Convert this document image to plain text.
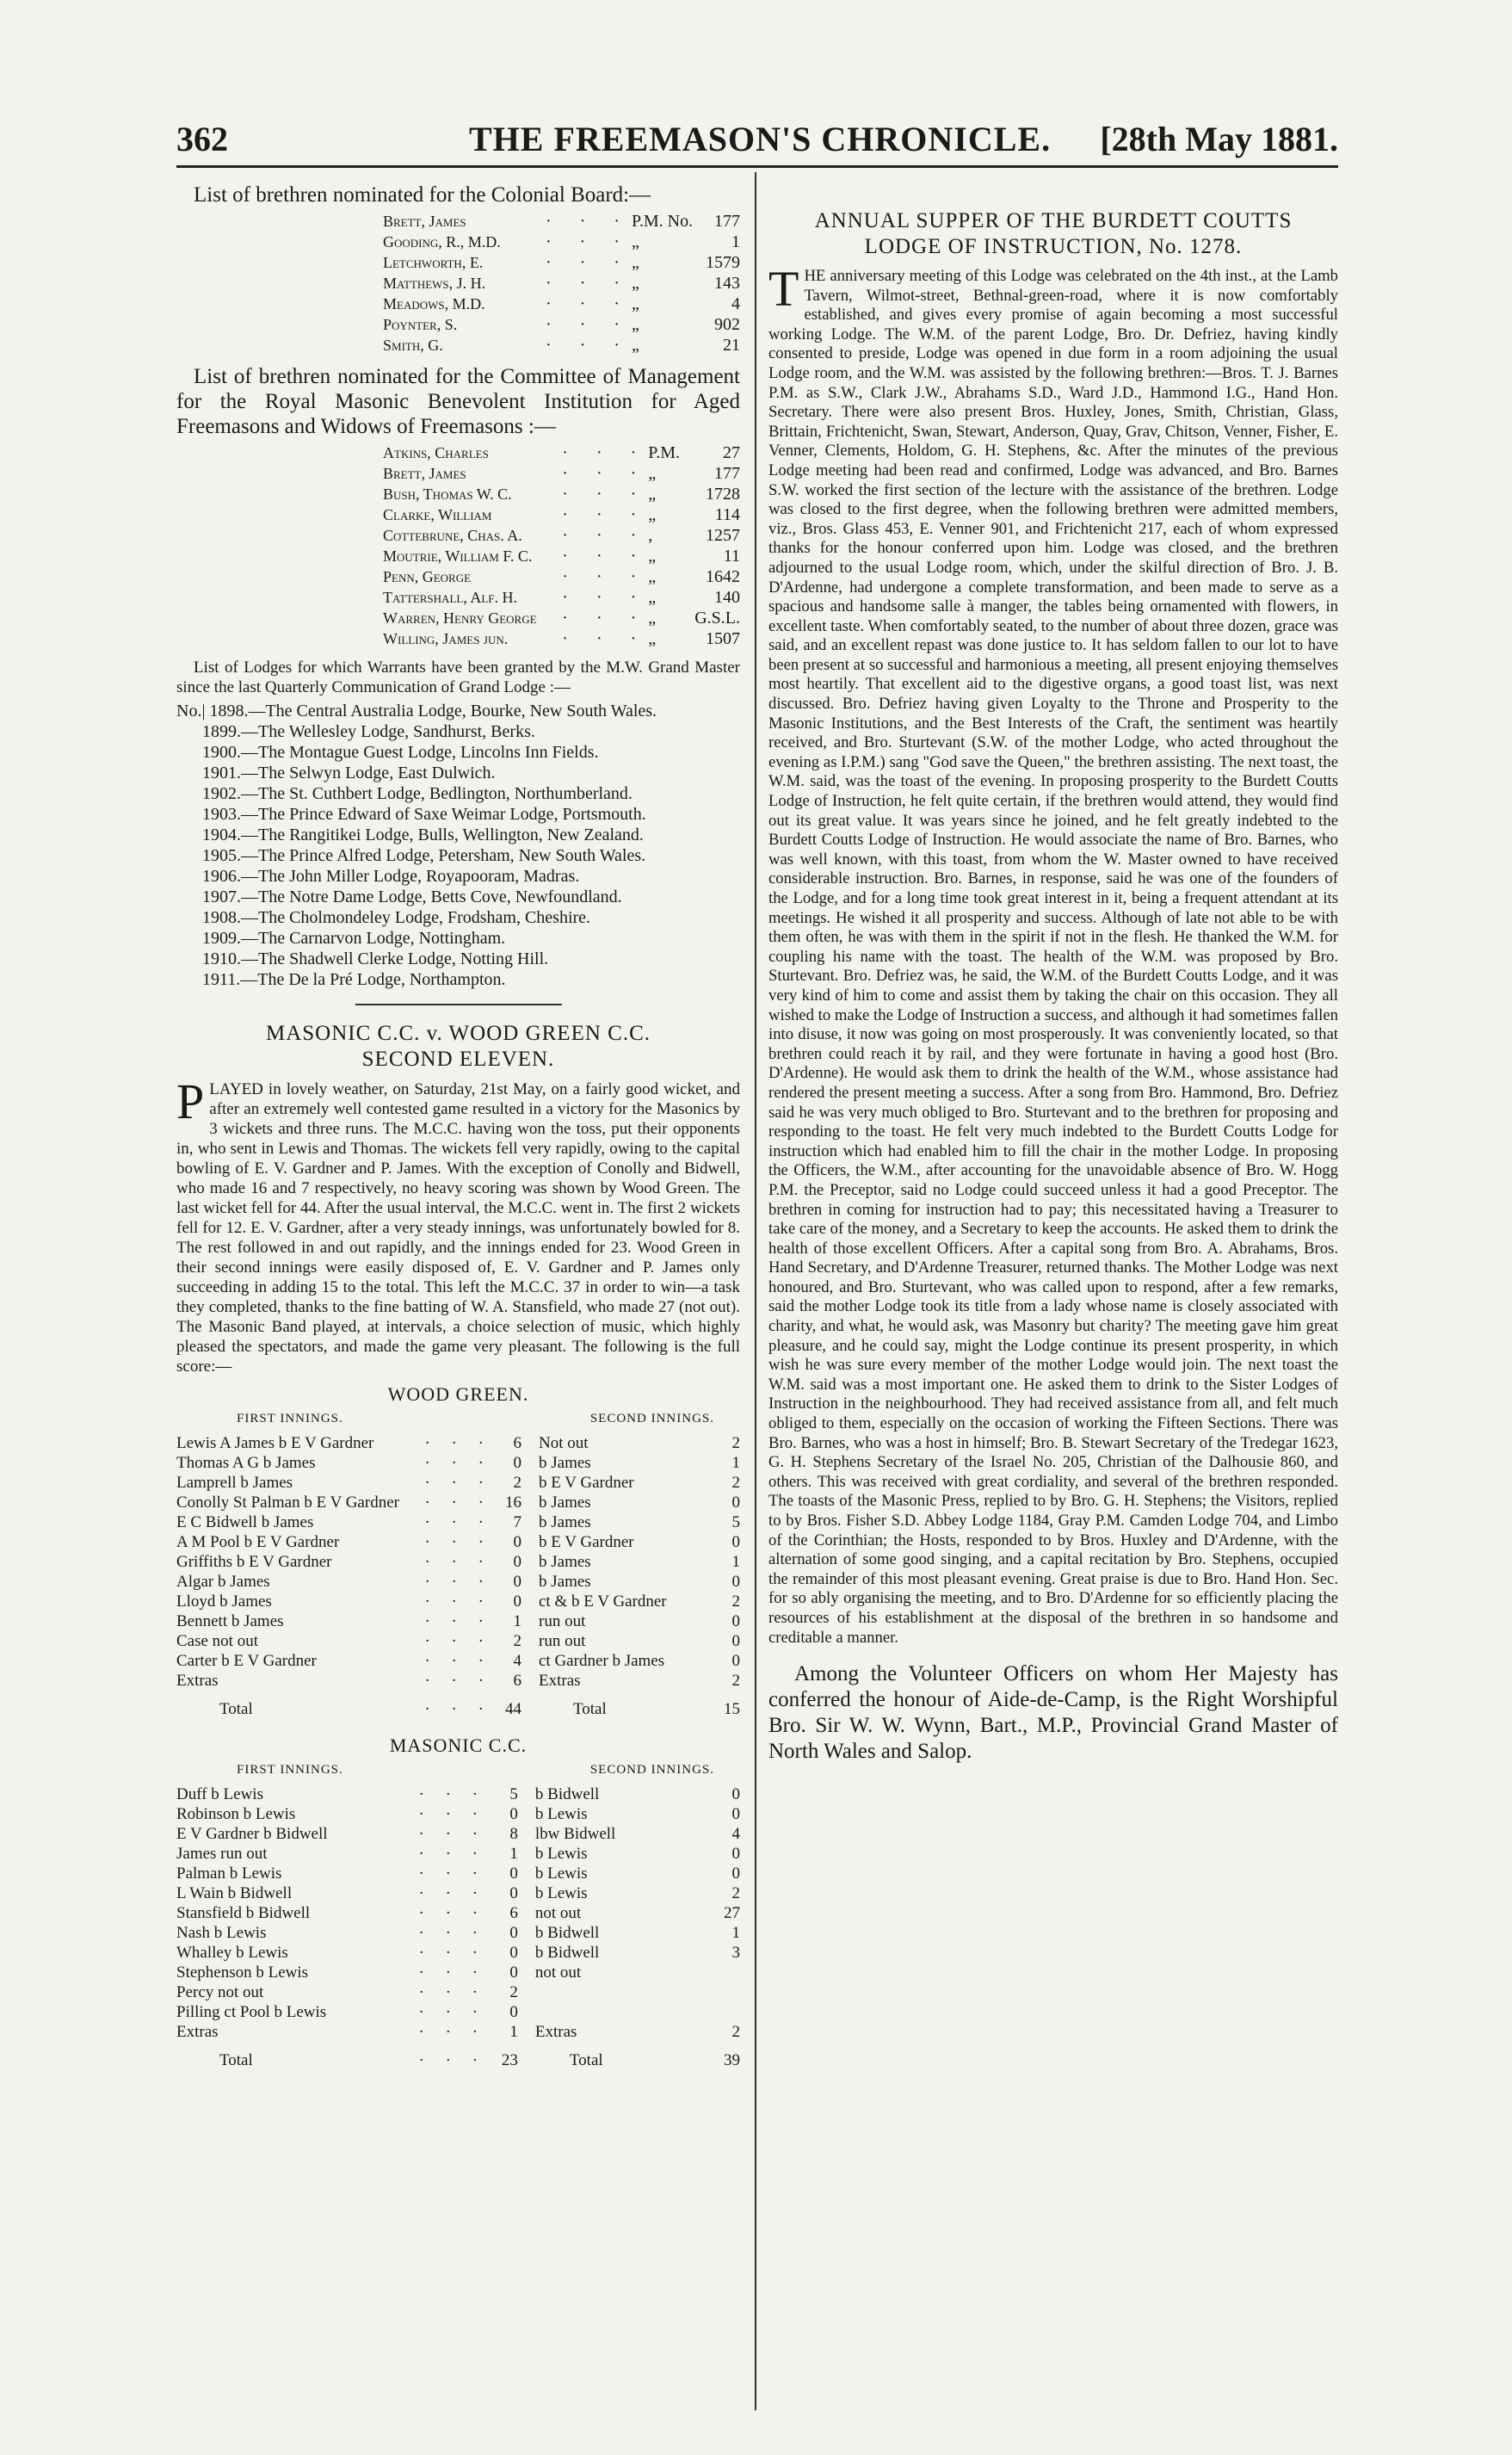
362	THE FREEMASON'S CHRONICLE. [28th May 1881.

List of brethren nominated for the Colonial Board:—

Brett, James	· · ·	P.M. No.	177
Gooding, R., M.D.	· · ·	„	1
Letchworth, E.	· · ·	„	1579
Matthews, J. H.	· · ·	„	143
Meadows, M.D.	· · ·	„	4
Poynter, S.	· · ·	„	902
Smith, G.	· · ·	„	21

List of brethren nominated for the Committee of Management for the Royal Masonic Benevolent Institution for Aged Freemasons and Widows of Freemasons :—

Atkins, Charles	· · ·	P.M.	27
Brett, James	· · ·	„	177
Bush, Thomas W. C.	· · ·	„	1728
Clarke, William	· · ·	„	114
Cottebrune, Chas. A.	· · ·	,	1257
Moutrie, William F. C.	· · ·	„	11
Penn, George	· · ·	„	1642
Tattershall, Alf. H.	· · ·	„	140
Warren, Henry George	· · ·	„	G.S.L.
Willing, James jun.	· · ·	„	1507

List of Lodges for which Warrants have been granted by the M.W. Grand Master since the last Quarterly Communication of Grand Lodge :—

No.| 1898.—The Central Australia Lodge, Bourke, New South Wales.
1899.—The Wellesley Lodge, Sandhurst, Berks.
1900.—The Montague Guest Lodge, Lincolns Inn Fields.
1901.—The Selwyn Lodge, East Dulwich.
1902.—The St. Cuthbert Lodge, Bedlington, Northumberland.
1903.—The Prince Edward of Saxe Weimar Lodge, Portsmouth.
1904.—The Rangitikei Lodge, Bulls, Wellington, New Zealand.
1905.—The Prince Alfred Lodge, Petersham, New South Wales.
1906.—The John Miller Lodge, Royapooram, Madras.
1907.—The Notre Dame Lodge, Betts Cove, Newfoundland.
1908.—The Cholmondeley Lodge, Frodsham, Cheshire.
1909.—The Carnarvon Lodge, Nottingham.
1910.—The Shadwell Clerke Lodge, Notting Hill.
1911.—The De la Pré Lodge, Northampton.
MASONIC C.C. v. WOOD GREEN C.C.
SECOND ELEVEN.

PLAYED in lovely weather, on Saturday, 21st May, on a fairly good wicket, and after an extremely well contested game resulted in a victory for the Masonics by 3 wickets and three runs. The M.C.C. having won the toss, put their opponents in, who sent in Lewis and Thomas. The wickets fell very rapidly, owing to the capital bowling of E. V. Gardner and P. James. With the exception of Conolly and Bidwell, who made 16 and 7 respectively, no heavy scoring was shown by Wood Green. The last wicket fell for 44. After the usual interval, the M.C.C. went in. The first 2 wickets fell for 12. E. V. Gardner, after a very steady innings, was unfortunately bowled for 8. The rest followed in and out rapidly, and the innings ended for 23. Wood Green in their second innings were easily disposed of, E. V. Gardner and P. James only succeeding in adding 15 to the total. This left the M.C.C. 37 in order to win—a task they completed, thanks to the fine batting of W. A. Stansfield, who made 27 (not out). The Masonic Band played, at intervals, a choice selection of music, which highly pleased the spectators, and made the game very pleasant. The following is the full score:—

WOOD GREEN.
FIRST INNINGS.	SECOND INNINGS.
Lewis A James b E V Gardner	· · ·	6	Not out	2
Thomas A G b James	· · ·	0	b James	1
Lamprell b James	· · ·	2	b E V Gardner	2
Conolly St Palman b E V Gardner	· · ·	16	b James	0
E C Bidwell b James	· · ·	7	b James	5
A M Pool b E V Gardner	· · ·	0	b E V Gardner	0
Griffiths b E V Gardner	· · ·	0	b James	1
Algar b James	· · ·	0	b James	0
Lloyd b James	· · ·	0	ct & b E V Gardner	2
Bennett b James	· · ·	1	run out	0
Case not out	· · ·	2	run out	0
Carter b E V Gardner	· · ·	4	ct Gardner b James	0
Extras	· · ·	6	Extras	2

Total	· · ·	44	Total	15

MASONIC C.C.
FIRST INNINGS.	SECOND INNINGS.
Duff b Lewis	· · ·	5	b Bidwell	0
Robinson b Lewis	· · ·	0	b Lewis	0
E V Gardner b Bidwell	· · ·	8	lbw Bidwell	4
James run out	· · ·	1	b Lewis	0
Palman b Lewis	· · ·	0	b Lewis	0
L Wain b Bidwell	· · ·	0	b Lewis	2
Stansfield b Bidwell	· · ·	6	not out	27
Nash b Lewis	· · ·	0	b Bidwell	1
Whalley b Lewis	· · ·	0	b Bidwell	3
Stephenson b Lewis	· · ·	0	not out	
Percy not out	· · ·	2		
Pilling ct Pool b Lewis	· · ·	0		
Extras	· · ·	1	Extras	2

Total	· · ·	23	Total	39

ANNUAL SUPPER OF THE BURDETT COUTTS
LODGE OF INSTRUCTION, No. 1278.

THE anniversary meeting of this Lodge was celebrated on the 4th inst., at the Lamb Tavern, Wilmot-street, Bethnal-green-road, where it is now comfortably established, and gives every promise of again becoming a most successful working Lodge. The W.M. of the parent Lodge, Bro. Dr. Defriez, having kindly consented to preside, Lodge was opened in due form in a room adjoining the usual Lodge room, and the W.M. was assisted by the following brethren:—Bros. T. J. Barnes P.M. as S.W., Clark J.W., Abrahams S.D., Ward J.D., Hammond I.G., Hand Hon. Secretary. There were also present Bros. Huxley, Jones, Smith, Christian, Glass, Brittain, Frichtenicht, Swan, Stewart, Anderson, Quay, Grav, Chitson, Venner, Fisher, E. Venner, Clements, Holdom, G. H. Stephens, &c. After the minutes of the previous Lodge meeting had been read and confirmed, Lodge was advanced, and Bro. Barnes S.W. worked the first section of the lecture with the assistance of the brethren. Lodge was closed to the first degree, when the following brethren were admitted members, viz., Bros. Glass 453, E. Venner 901, and Frichtenicht 217, each of whom expressed thanks for the honour conferred upon him. Lodge was closed, and the brethren adjourned to the usual Lodge room, which, under the skilful direction of Bro. J. B. D'Ardenne, had undergone a complete transformation, and been made to serve as a spacious and handsome salle à manger, the tables being ornamented with flowers, in excellent taste. When comfortably seated, to the number of about three dozen, grace was said, and an excellent repast was done justice to. It has seldom fallen to our lot to have been present at so successful and harmonious a meeting, all present enjoying themselves most heartily. That excellent aid to the digestive organs, a good toast list, was next discussed. Bro. Defriez having given Loyalty to the Throne and Prosperity to the Masonic Institutions, and the Best Interests of the Craft, the sentiment was heartily received, and Bro. Sturtevant (S.W. of the mother Lodge, who acted throughout the evening as I.P.M.) sang "God save the Queen," the brethren assisting. The next toast, the W.M. said, was the toast of the evening. In proposing prosperity to the Burdett Coutts Lodge of Instruction, he felt quite certain, if the brethren would attend, they would find out its great value. It was years since he joined, and he felt greatly indebted to the Burdett Coutts Lodge of Instruction. He would associate the name of Bro. Barnes, who was well known, with this toast, from whom the W. Master owned to have received considerable instruction. Bro. Barnes, in response, said he was one of the founders of the Lodge, and for a long time took great interest in it, being a frequent attendant at its meetings. He wished it all prosperity and success. Although of late not able to be with them often, he was with them in the spirit if not in the flesh. He thanked the W.M. for coupling his name with the toast. The health of the W.M. was proposed by Bro. Sturtevant. Bro. Defriez was, he said, the W.M. of the Burdett Coutts Lodge, and it was very kind of him to come and assist them by taking the chair on this occasion. They all wished to make the Lodge of Instruction a success, and although it had sometimes fallen into disuse, it now was going on most prosperously. It was conveniently located, so that brethren could reach it by rail, and they were fortunate in having a good host (Bro. D'Ardenne). He would ask them to drink the health of the W.M., whose assistance had rendered the present meeting a success. After a song from Bro. Hammond, Bro. Defriez said he was very much obliged to Bro. Sturtevant and to the brethren for proposing and responding to the toast. He felt very much indebted to the Burdett Coutts Lodge for instruction which had enabled him to fill the chair in the mother Lodge. In proposing the Officers, the W.M., after accounting for the unavoidable absence of Bro. W. Hogg P.M. the Preceptor, said no Lodge could succeed unless it had a good Preceptor. The brethren in coming for instruction had to pay; this necessitated having a Treasurer to take care of the money, and a Secretary to keep the accounts. He asked them to drink the health of those excellent Officers. After a capital song from Bro. A. Abrahams, Bros. Hand Secretary, and D'Ardenne Treasurer, returned thanks. The Mother Lodge was next honoured, and Bro. Sturtevant, who was called upon to respond, after a few remarks, said the mother Lodge took its title from a lady whose name is closely associated with charity, and what, he would ask, was Masonry but charity? The meeting gave him great pleasure, and he could say, might the Lodge continue its present prosperity, in which wish he was sure every member of the mother Lodge would join. The next toast the W.M. said was a most important one. He asked them to drink to the Sister Lodges of Instruction in the neighbourhood. They had received assistance from all, and felt much obliged to them, especially on the occasion of working the Fifteen Sections. There was Bro. Barnes, who was a host in himself; Bro. B. Stewart Secretary of the Tredegar 1623, G. H. Stephens Secretary of the Israel No. 205, Christian of the Dalhousie 860, and others. This was received with great cordiality, and several of the brethren responded. The toasts of the Masonic Press, replied to by Bro. G. H. Stephens; the Visitors, replied to by Bros. Fisher S.D. Abbey Lodge 1184, Gray P.M. Camden Lodge 704, and Limbo of the Corinthian; the Hosts, responded to by Bros. Huxley and D'Ardenne, with the alternation of some good singing, and a capital recitation by Bro. Stephens, occupied the remainder of this most pleasant evening. Great praise is due to Bro. Hand Hon. Sec. for so ably organising the meeting, and to Bro. D'Ardenne for so efficiently placing the resources of his establishment at the disposal of the brethren in so handsome and creditable a manner.

Among the Volunteer Officers on whom Her Majesty has conferred the honour of Aide-de-Camp, is the Right Worshipful Bro. Sir W. W. Wynn, Bart., M.P., Provincial Grand Master of North Wales and Salop.
